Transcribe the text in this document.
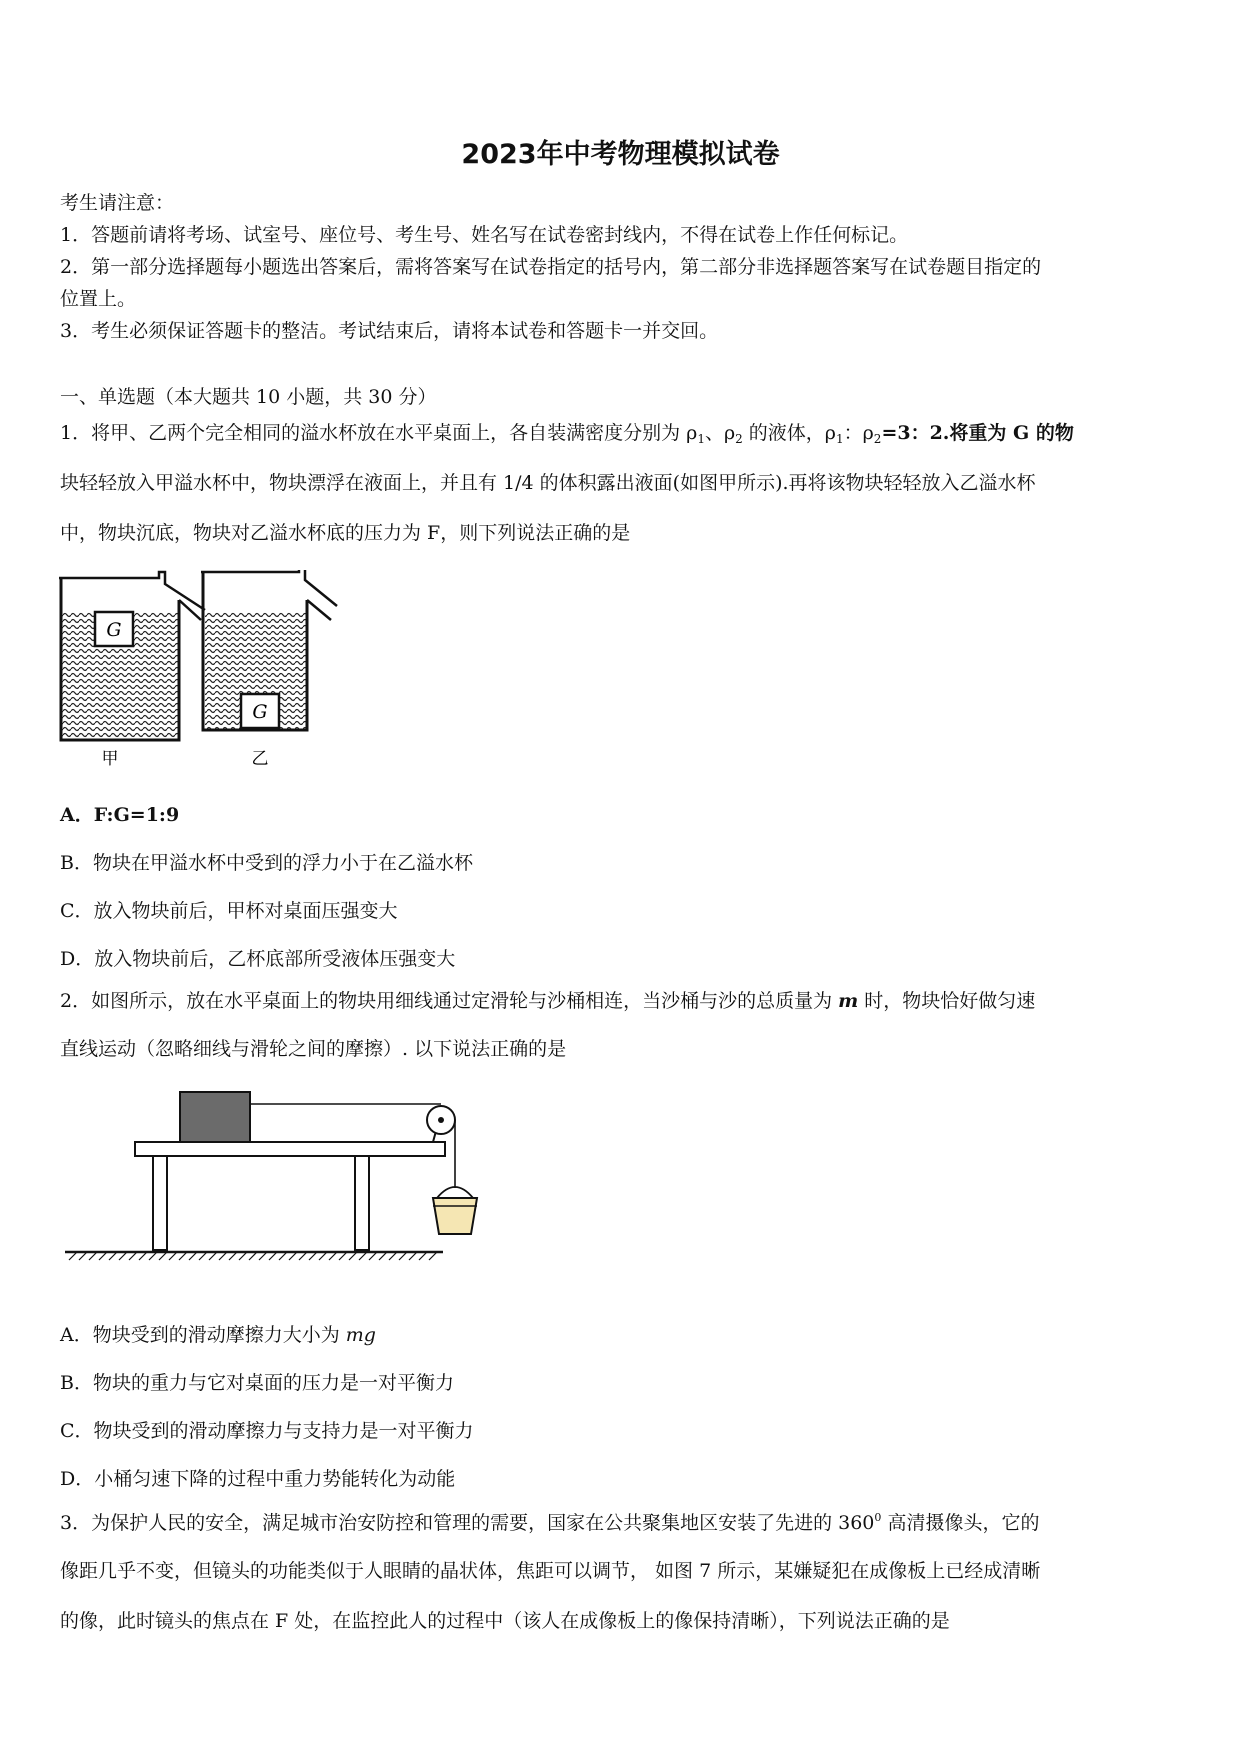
2023年中考物理模拟试卷
考生请注意：
1．答题前请将考场、试室号、座位号、考生号、姓名写在试卷密封线内，不得在试卷上作任何标记。
2．第一部分选择题每小题选出答案后，需将答案写在试卷指定的括号内，第二部分非选择题答案写在试卷题目指定的
位置上。
3．考生必须保证答题卡的整洁。考试结束后，请将本试卷和答题卡一并交回。
一、单选题（本大题共 10 小题，共 30 分）
1．将甲、乙两个完全相同的溢水杯放在水平桌面上，各自装满密度分别为 $\rho_1$、$\rho_2$ 的液体，$\rho_1$：$\rho_2=3$：2.将重为 G 的物
块轻轻放入甲溢水杯中，物块漂浮在液面上，并且有 1/4 的体积露出液面(如图甲所示).再将该物块轻轻放入乙溢水杯
中，物块沉底，物块对乙溢水杯底的压力为 F，则下列说法正确的是
G
甲
G
乙
A．F:G=1:9
B．物块在甲溢水杯中受到的浮力小于在乙溢水杯
C．放入物块前后，甲杯对桌面压强变大
D．放入物块前后，乙杯底部所受液体压强变大
2．如图所示，放在水平桌面上的物块用细线通过定滑轮与沙桶相连，当沙桶与沙的总质量为 m 时，物块恰好做匀速
直线运动（忽略细线与滑轮之间的摩擦）. 以下说法正确的是
A．物块受到的滑动摩擦力大小为 mg
B．物块的重力与它对桌面的压力是一对平衡力
C．物块受到的滑动摩擦力与支持力是一对平衡力
D．小桶匀速下降的过程中重力势能转化为动能
3．为保护人民的安全，满足城市治安防控和管理的需要，国家在公共聚集地区安装了先进的 $360^0$ 高清摄像头，它的
像距几乎不变，但镜头的功能类似于人眼睛的晶状体，焦距可以调节， 如图 7 所示，某嫌疑犯在成像板上已经成清晰
的像，此时镜头的焦点在 F 处，在监控此人的过程中（该人在成像板上的像保持清晰），下列说法正确的是
